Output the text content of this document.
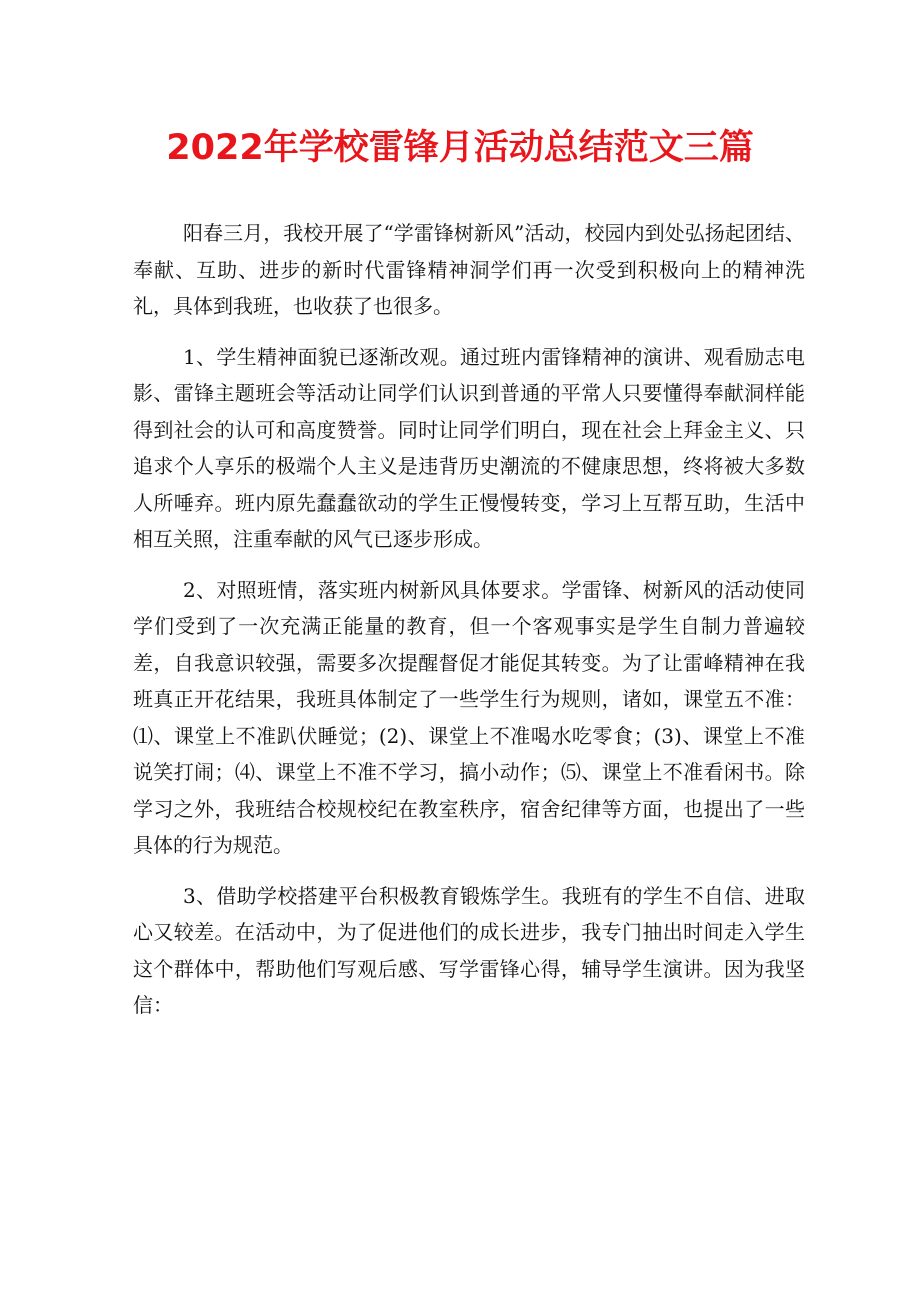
2022年学校雷锋月活动总结范文三篇

阳春三月，我校开展了“学雷锋树新风”活动，校园内到处弘扬起团结、奉献、互助、进步的新时代雷锋精神洞学们再一次受到积极向上的精神洗礼，具体到我班，也收获了也很多。

1、学生精神面貌已逐渐改观。通过班内雷锋精神的演讲、观看励志电影、雷锋主题班会等活动让同学们认识到普通的平常人只要懂得奉献洞样能得到社会的认可和高度赞誉。同时让同学们明白，现在社会上拜金主义、只追求个人享乐的极端个人主义是违背历史潮流的不健康思想，终将被大多数人所唾弃。班内原先蠢蠢欲动的学生正慢慢转变，学习上互帮互助，生活中相互关照，注重奉献的风气已逐步形成。

2、对照班情，落实班内树新风具体要求。学雷锋、树新风的活动使同学们受到了一次充满正能量的教育，但一个客观事实是学生自制力普遍较差，自我意识较强，需要多次提醒督促才能促其转变。为了让雷峰精神在我班真正开花结果，我班具体制定了一些学生行为规则，诸如，课堂五不准：⑴、课堂上不准趴伏睡觉；(2)、课堂上不准喝水吃零食；(3)、课堂上不准说笑打闹；⑷、课堂上不准不学习，搞小动作；⑸、课堂上不准看闲书。除学习之外，我班结合校规校纪在教室秩序，宿舍纪律等方面，也提出了一些具体的行为规范。

3、借助学校搭建平台积极教育锻炼学生。我班有的学生不自信、进取心又较差。在活动中，为了促进他们的成长进步，我专门抽出时间走入学生这个群体中，帮助他们写观后感、写学雷锋心得，辅导学生演讲。因为我坚信：
